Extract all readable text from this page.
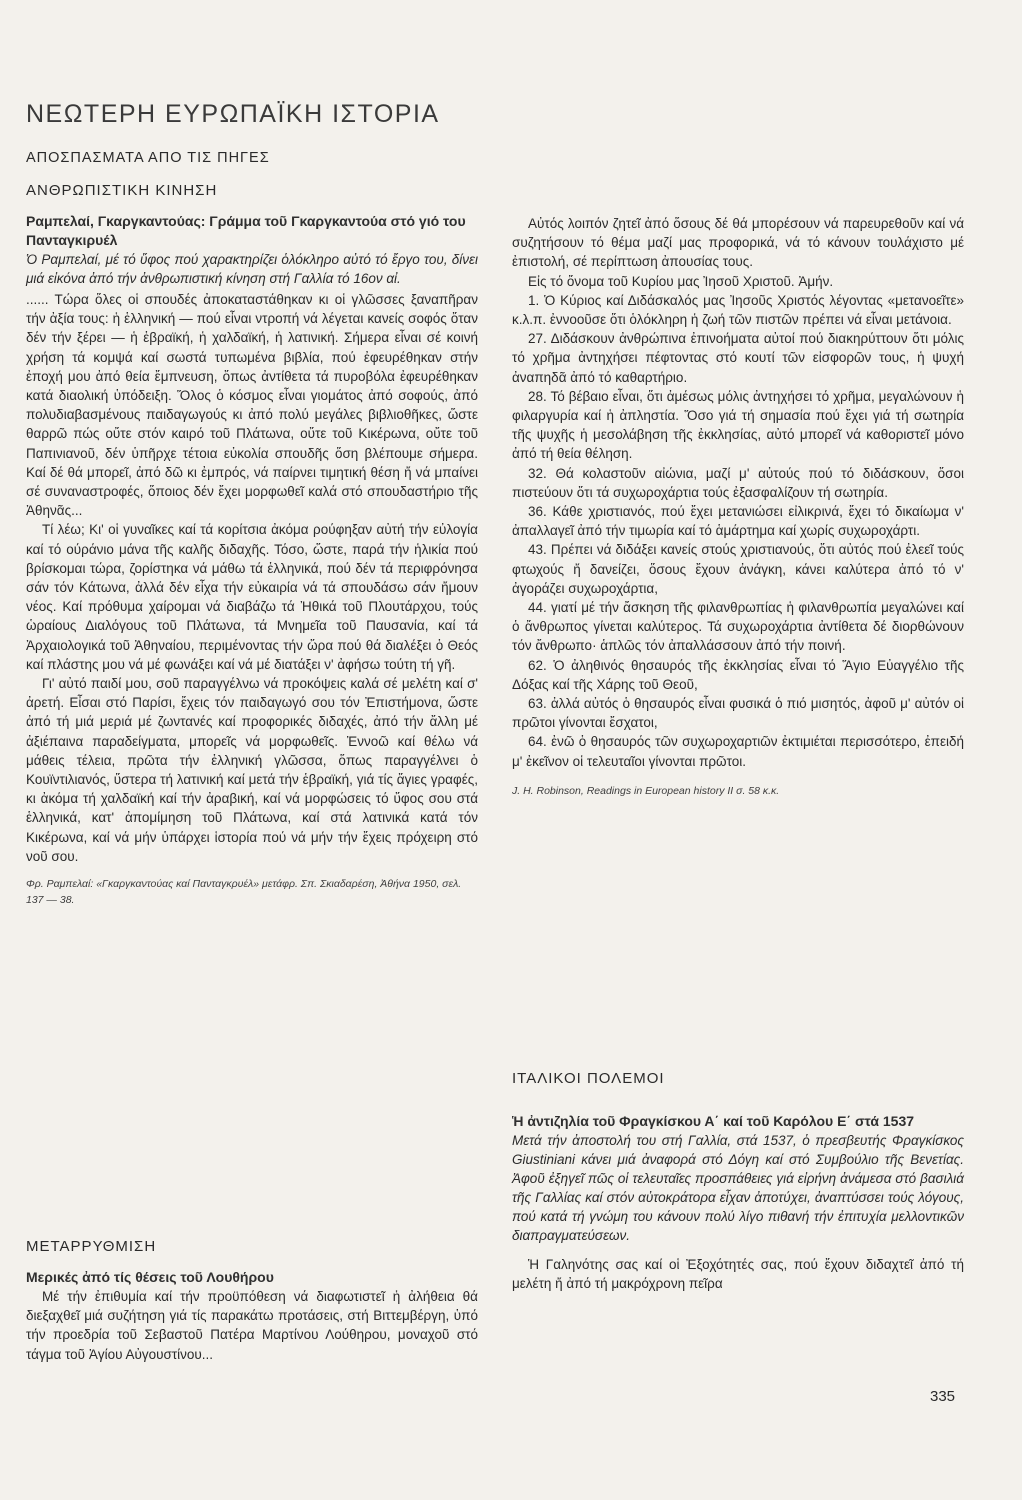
ΝΕΩΤΕΡΗ ΕΥΡΩΠΑΪΚΗ ΙΣΤΟΡΙΑ
ΑΠΟΣΠΑΣΜΑΤΑ ΑΠΟ ΤΙΣ ΠΗΓΕΣ
ΑΝΘΡΩΠΙΣΤΙΚΗ ΚΙΝΗΣΗ

Ραμπελαί, Γκαργκαντούας: Γράμμα τοῦ Γκαργκαντούα στό γιό του Πανταγκιρυέλ

Ὁ Ραμπελαί, μέ τό ὕφος πού χαρακτηρίζει ὁλόκληρο αὐτό τό ἔργο του, δίνει μιά εἰκόνα ἀπό τήν ἀνθρωπιστική κίνηση στή Γαλλία τό 16ον αἰ.

...... Τώρα ὅλες οἱ σπουδές ἀποκαταστάθηκαν κι οἱ γλῶσσες ξαναπῆραν τήν ἀξία τους: ἡ ἑλληνική — πού εἶναι ντροπή νά λέγεται κανείς σοφός ὅταν δέν τήν ξέρει — ἡ ἑβραϊκή, ἡ χαλδαϊκή, ἡ λατινική. Σήμερα εἶναι σέ κοινή χρήση τά κομψά καί σωστά τυπωμένα βιβλία, πού ἐφευρέθηκαν στήν ἐποχή μου ἀπό θεία ἔμπνευση, ὅπως ἀντίθετα τά πυροβόλα ἐφευρέθηκαν κατά διαολική ὑπόδειξη. Ὅλος ὁ κόσμος εἶναι γιομάτος ἀπό σοφούς, ἀπό πολυδιαβασμένους παιδαγωγούς κι ἀπό πολύ μεγάλες βιβλιοθῆκες, ὥστε θαρρῶ πώς οὔτε στόν καιρό τοῦ Πλάτωνα, οὔτε τοῦ Κικέρωνα, οὔτε τοῦ Παπινιανοῦ, δέν ὑπῆρχε τέτοια εὐκολία σπουδῆς ὅση βλέπουμε σήμερα. Καί δέ θά μπορεῖ, ἀπό δῶ κι ἐμπρός, νά παίρνει τιμητική θέση ἤ νά μπαίνει σέ συναναστροφές, ὅποιος δέν ἔχει μορφωθεῖ καλά στό σπουδαστήριο τῆς Ἀθηνᾶς...

Τί λέω; Κι' οἱ γυναῖκες καί τά κορίτσια ἀκόμα ρούφηξαν αὐτή τήν εὐλογία καί τό ούράνιο μάνα τῆς καλῆς διδαχῆς. Τόσο, ὥστε, παρά τήν ἡλικία πού βρίσκομαι τώρα, ζορίστηκα νά μάθω τά ἑλληνικά, πού δέν τά περιφρόνησα σάν τόν Κάτωνα, ἀλλά δέν εἶχα τήν εὐκαιρία νά τά σπουδάσω σάν ἤμουν νέος. Καί πρόθυμα χαίρομαι νά διαβάζω τά Ἠθικά τοῦ Πλουτάρχου, τούς ὡραίους Διαλόγους τοῦ Πλάτωνα, τά Μνημεῖα τοῦ Παυσανία, καί τά Ἀρχαιολογικά τοῦ Ἀθηναίου, περιμένοντας τήν ὥρα πού θά διαλέξει ὁ Θεός καί πλάστης μου νά μέ φωνάξει καί νά μέ διατάξει ν' ἀφήσω τούτη τή γῆ.

Γι' αὐτό παιδί μου, σοῦ παραγγέλνω νά προκόψεις καλά σέ μελέτη καί σ' ἀρετή. Εἶσαι στό Παρίσι, ἔχεις τόν παιδαγωγό σου τόν Ἐπιστήμονα, ὥστε ἀπό τή μιά μεριά μέ ζωντανές καί προφορικές διδαχές, ἀπό τήν ἄλλη μέ ἀξιέπαινα παραδείγματα, μπορεῖς νά μορφωθεῖς. Ἐννοῶ καί θέλω νά μάθεις τέλεια, πρῶτα τήν ἑλληνική γλῶσσα, ὅπως παραγγέλνει ὁ Κουϊντιλιανός, ὕστερα τή λατινική καί μετά τήν ἑβραϊκή, γιά τίς ἅγιες γραφές, κι ἀκόμα τή χαλδαϊκή καί τήν ἀραβική, καί νά μορφώσεις τό ὕφος σου στά ἑλληνικά, κατ' ἀπομίμηση τοῦ Πλάτωνα, καί στά λατινικά κατά τόν Κικέρωνα, καί νά μήν ὑπάρχει ἱστορία πού νά μήν τήν ἔχεις πρόχειρη στό νοῦ σου.

Φρ. Ραμπελαί: «Γκαργκαντούας καί Πανταγκρυέλ» μετάφρ. Σπ. Σκιαδαρέση, Ἀθήνα 1950, σελ. 137 — 38.

ΜΕΤΑΡΡΥΘΜΙΣΗ

Μερικές ἀπό τίς θέσεις τοῦ Λουθήρου

Μέ τήν ἐπιθυμία καί τήν προϋπόθεση νά διαφωτιστεῖ ἡ ἀλήθεια θά διεξαχθεῖ μιά συζήτηση γιά τίς παρακάτω προτάσεις, στή Βιττεμβέργη, ὑπό τήν προεδρία τοῦ Σεβαστοῦ Πατέρα Μαρτίνου Λούθηρου, μοναχοῦ στό τάγμα τοῦ Ἁγίου Αὐγουστίνου...

Αὐτός λοιπόν ζητεῖ ἀπό ὅσους δέ θά μπορέσουν νά παρευρεθοῦν καί νά συζητήσουν τό θέμα μαζί μας προφορικά, νά τό κάνουν τουλάχιστο μέ ἐπιστολή, σέ περίπτωση ἀπουσίας τους.

Εἰς τό ὄνομα τοῦ Κυρίου μας Ἰησοῦ Χριστοῦ. Ἀμήν.

1. Ὁ Κύριος καί Διδάσκαλός μας Ἰησοῦς Χριστός λέγοντας «μετανοεῖτε» κ.λ.π. ἐννοοῦσε ὅτι ὁλόκληρη ἡ ζωή τῶν πιστῶν πρέπει νά εἶναι μετάνοια.

27. Διδάσκουν ἀνθρώπινα ἐπινοήματα αὐτοί πού διακηρύττουν ὅτι μόλις τό χρῆμα ἀντηχήσει πέφτοντας στό κουτί τῶν εἰσφορῶν τους, ἡ ψυχή ἀναπηδᾶ ἀπό τό καθαρτήριο.

28. Τό βέβαιο εἶναι, ὅτι ἀμέσως μόλις ἀντηχήσει τό χρῆμα, μεγαλώνουν ἡ φιλαργυρία καί ἡ ἀπληστία. Ὅσο γιά τή σημασία πού ἔχει γιά τή σωτηρία τῆς ψυχῆς ἡ μεσολάβηση τῆς ἐκκλησίας, αὐτό μπορεῖ νά καθοριστεῖ μόνο ἀπό τή θεία θέληση.

32. Θά κολαστοῦν αἰώνια, μαζί μ' αὐτούς πού τό διδάσκουν, ὅσοι πιστεύουν ὅτι τά συχωροχάρτια τούς ἐξασφαλίζουν τή σωτηρία.

36. Κάθε χριστιανός, πού ἔχει μετανιώσει εἰλικρινά, ἔχει τό δικαίωμα ν' ἀπαλλαγεῖ ἀπό τήν τιμωρία καί τό ἁμάρτημα καί χωρίς συχωροχάρτι.

43. Πρέπει νά διδάξει κανείς στούς χριστιανούς, ὅτι αὐτός πού ἐλεεῖ τούς φτωχούς ἤ δανείζει, ὅσους ἔχουν ἀνάγκη, κάνει καλύτερα ἀπό τό ν' ἀγοράζει συχωροχάρτια,

44. γιατί μέ τήν ἄσκηση τῆς φιλανθρωπίας ἡ φιλανθρωπία μεγαλώνει καί ὁ ἄνθρωπος γίνεται καλύτερος. Τά συχωροχάρτια ἀντίθετα δέ διορθώνουν τόν ἄνθρωπο· ἁπλῶς τόν ἀπαλλάσσουν ἀπό τήν ποινή.

62. Ὁ ἀληθινός θησαυρός τῆς ἐκκλησίας εἶναι τό Ἅγιο Εὐαγγέλιο τῆς Δόξας καί τῆς Χάρης τοῦ Θεοῦ,

63. ἀλλά αὐτός ὁ θησαυρός εἶναι φυσικά ὁ πιό μισητός, ἀφοῦ μ' αὐτόν οἱ πρῶτοι γίνονται ἔσχατοι,

64. ἐνῶ ὁ θησαυρός τῶν συχωροχαρτιῶν ἐκτιμιέται περισσότερο, ἐπειδή μ' ἐκεῖνον οἱ τελευταῖοι γίνονται πρῶτοι.

J. H. Robinson, Readings in European history II σ. 58 κ.κ.

ΙΤΑΛΙΚΟΙ ΠΟΛΕΜΟΙ

Ἡ ἀντιζηλία τοῦ Φραγκίσκου Α΄ καί τοῦ Καρόλου Ε΄ στά 1537

Μετά τήν ἀποστολή του στή Γαλλία, στά 1537, ὁ πρεσβευτής Φραγκίσκος Giustiniani κάνει μιά ἀναφορά στό Δόγη καί στό Συμβούλιο τῆς Βενετίας. Ἀφοῦ ἐξηγεῖ πῶς οἱ τελευταῖες προσπάθειες γιά εἰρήνη ἀνάμεσα στό βασιλιά τῆς Γαλλίας καί στόν αὐτοκράτορα εἶχαν ἀποτύχει, ἀναπτύσσει τούς λόγους, πού κατά τή γνώμη του κάνουν πολύ λίγο πιθανή τήν ἐπιτυχία μελλοντικῶν διαπραγματεύσεων.

Ἡ Γαληνότης σας καί οἱ Ἐξοχότητές σας, πού ἔχουν διδαχτεῖ ἀπό τή μελέτη ἤ ἀπό τή μακρόχρονη πεῖρα

335
